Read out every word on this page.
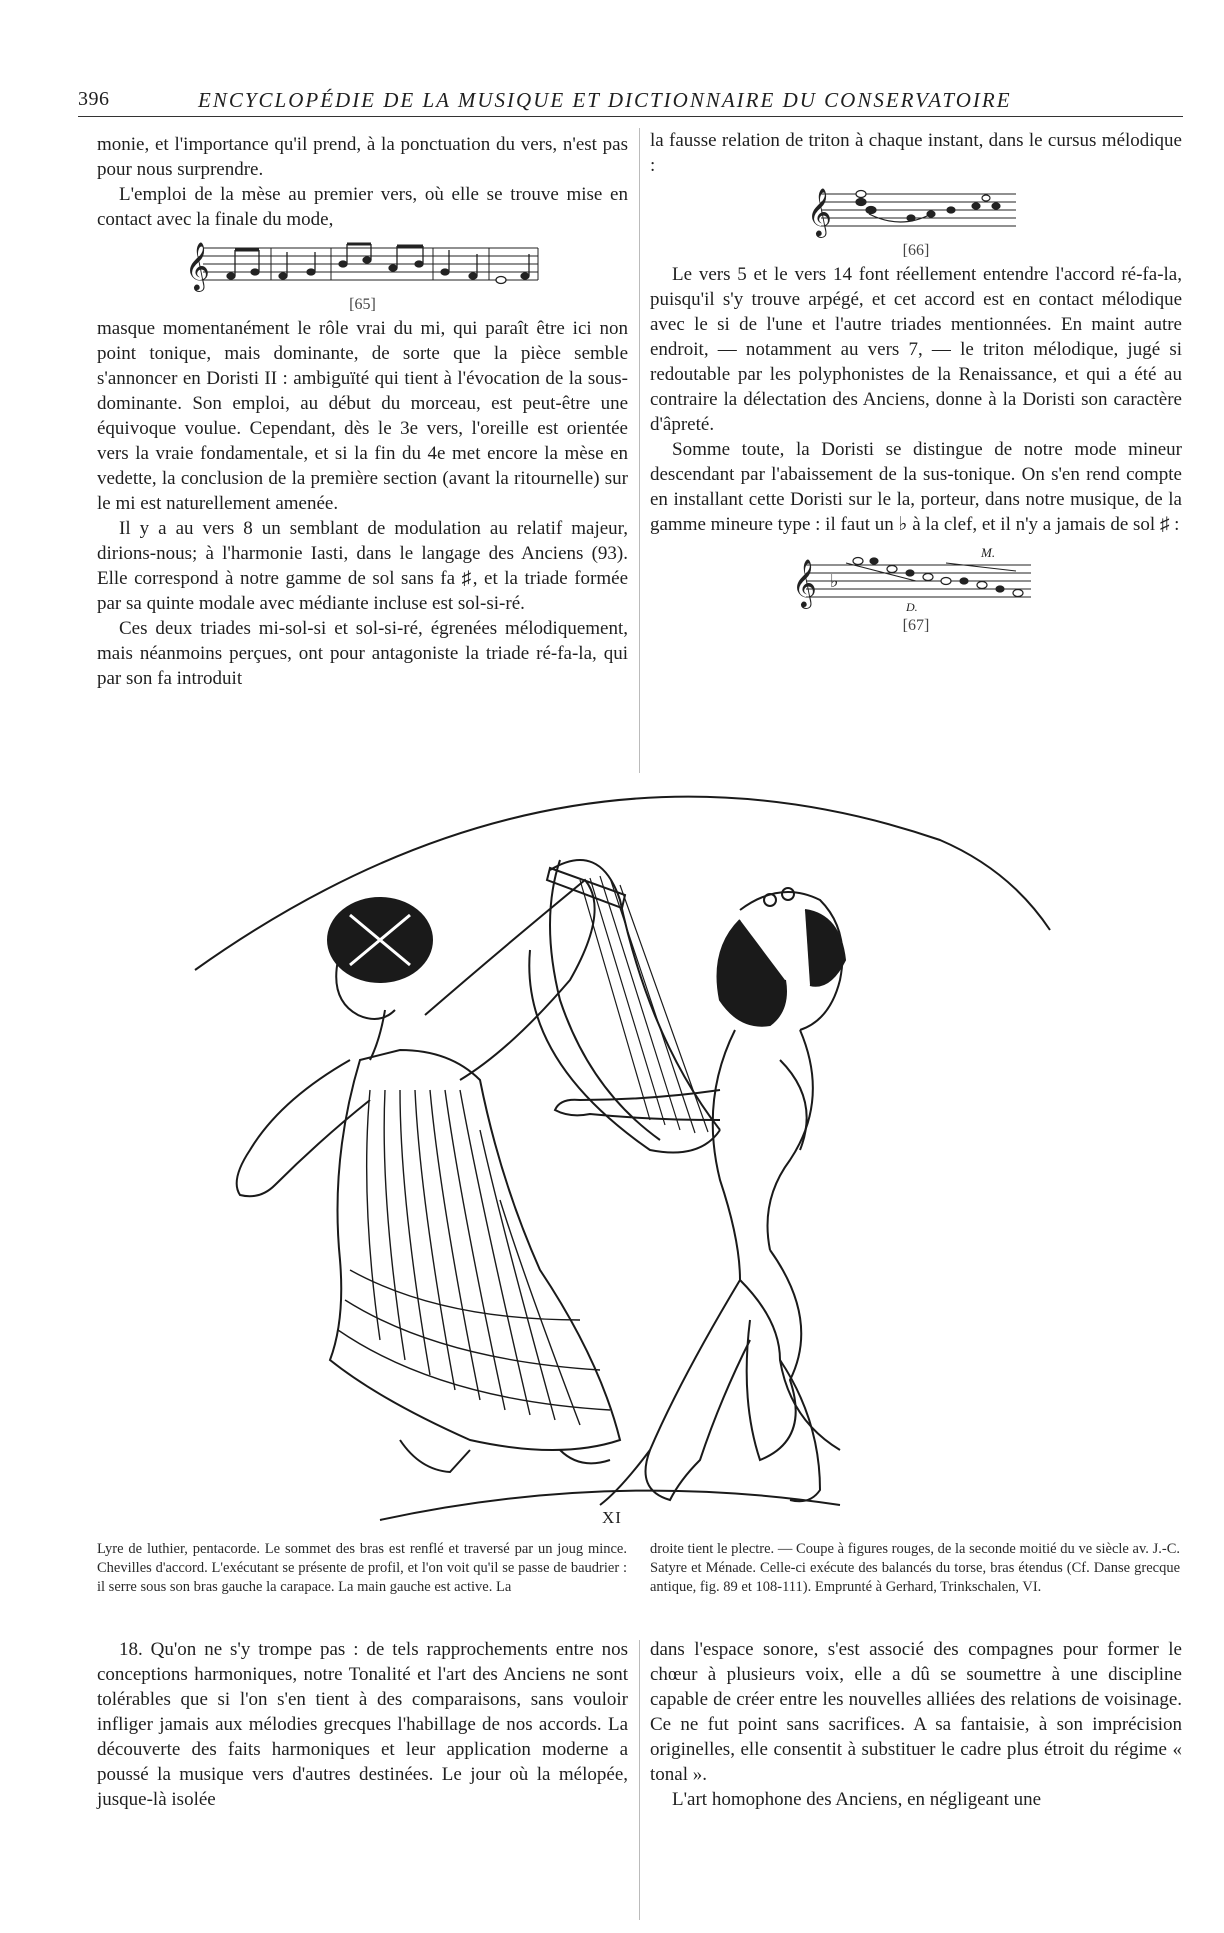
396	ENCYCLOPÉDIE DE LA MUSIQUE ET DICTIONNAIRE DU CONSERVATOIRE

monie, et l'importance qu'il prend, à la ponctuation du vers, n'est pas pour nous surprendre.

L'emploi de la mèse au premier vers, où elle se trouve mise en contact avec la finale du mode,

𝄞

[65]

masque momentanément le rôle vrai du mi, qui paraît être ici non point tonique, mais dominante, de sorte que la pièce semble s'annoncer en Doristi II : ambiguïté qui tient à l'évocation de la sous-dominante. Son emploi, au début du morceau, est peut-être une équivoque voulue. Cependant, dès le 3e vers, l'oreille est orientée vers la vraie fondamentale, et si la fin du 4e met encore la mèse en vedette, la conclusion de la première section (avant la ritournelle) sur le mi est naturellement amenée.

Il y a au vers 8 un semblant de modulation au relatif majeur, dirions-nous; à l'harmonie Iasti, dans le langage des Anciens (93). Elle correspond à notre gamme de sol sans fa ♯, et la triade formée par sa quinte modale avec médiante incluse est sol-si-ré.

Ces deux triades mi-sol-si et sol-si-ré, égrenées mélodiquement, mais néanmoins perçues, ont pour antagoniste la triade ré-fa-la, qui par son fa introduit

la fausse relation de triton à chaque instant, dans le cursus mélodique :

𝄞

[66]

Le vers 5 et le vers 14 font réellement entendre l'accord ré-fa-la, puisqu'il s'y trouve arpégé, et cet accord est en contact mélodique avec le si de l'une et l'autre triades mentionnées. En maint autre endroit, — notamment au vers 7, — le triton mélodique, jugé si redoutable par les polyphonistes de la Renaissance, et qui a été au contraire la délectation des Anciens, donne à la Doristi son caractère d'âpreté.

Somme toute, la Doristi se distingue de notre mode mineur descendant par l'abaissement de la sus-tonique. On s'en rend compte en installant cette Doristi sur le la, porteur, dans notre musique, de la gamme mineure type : il faut un ♭ à la clef, et il n'y a jamais de sol ♯ :

M.
𝄞 ♭
D.

[67]

XI
Lyre de luthier, pentacorde. Le sommet des bras est renflé et traversé par un joug mince. Chevilles d'accord. L'exécutant se présente de profil, et l'on voit qu'il se passe de baudrier : il serre sous son bras gauche la carapace. La main gauche est active. La
droite tient le plectre. — Coupe à figures rouges, de la seconde moitié du ve siècle av. J.-C. Satyre et Ménade. Celle-ci exécute des balancés du torse, bras étendus (Cf. Danse grecque antique, fig. 89 et 108-111). Emprunté à Gerhard, Trinkschalen, VI.

18. Qu'on ne s'y trompe pas : de tels rapprochements entre nos conceptions harmoniques, notre Tonalité et l'art des Anciens ne sont tolérables que si l'on s'en tient à des comparaisons, sans vouloir infliger jamais aux mélodies grecques l'habillage de nos accords. La découverte des faits harmoniques et leur application moderne a poussé la musique vers d'autres destinées. Le jour où la mélopée, jusque-là isolée

dans l'espace sonore, s'est associé des compagnes pour former le chœur à plusieurs voix, elle a dû se soumettre à une discipline capable de créer entre les nouvelles alliées des relations de voisinage. Ce ne fut point sans sacrifices. A sa fantaisie, à son imprécision originelles, elle consentit à substituer le cadre plus étroit du régime « tonal ».

L'art homophone des Anciens, en négligeant une
